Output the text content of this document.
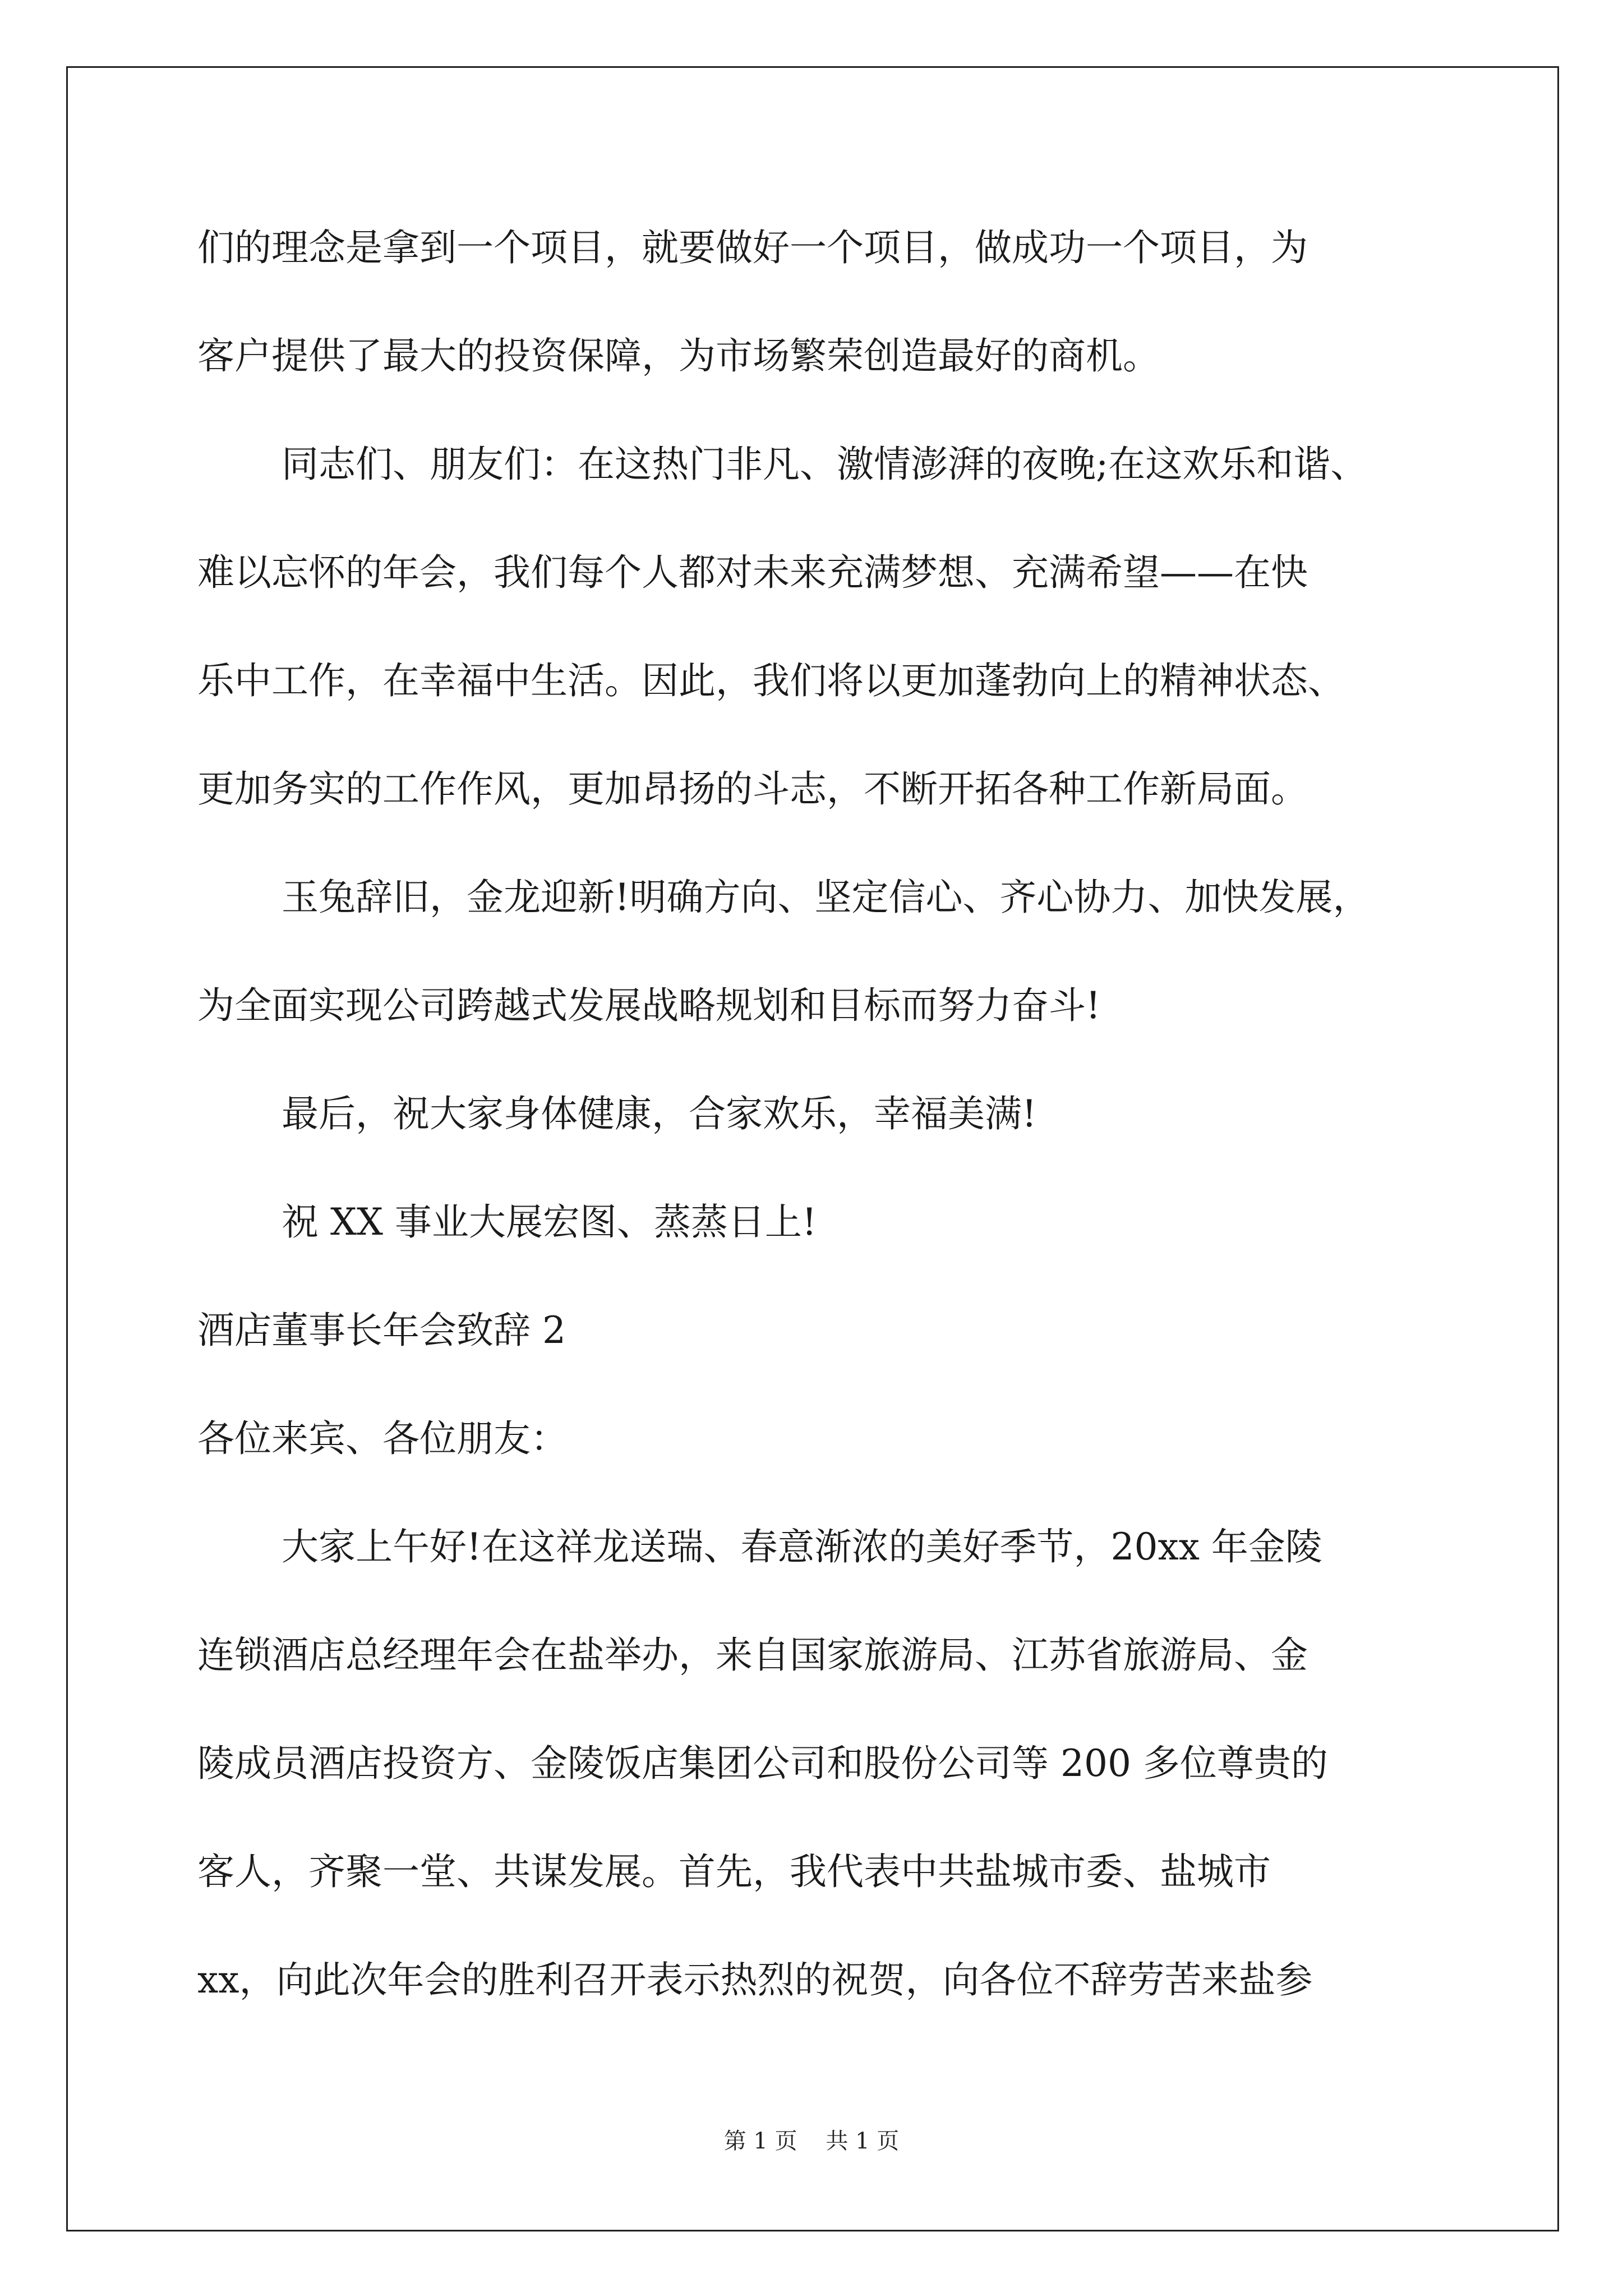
们的理念是拿到一个项目，就要做好一个项目，做成功一个项目，为

客户提供了最大的投资保障，为市场繁荣创造最好的商机。

同志们、朋友们：在这热门非凡、激情澎湃的夜晚;在这欢乐和谐、

难以忘怀的年会，我们每个人都对未来充满梦想、充满希望——在快

乐中工作，在幸福中生活。因此，我们将以更加蓬勃向上的精神状态、

更加务实的工作作风，更加昂扬的斗志，不断开拓各种工作新局面。

玉兔辞旧，金龙迎新!明确方向、坚定信心、齐心协力、加快发展，

为全面实现公司跨越式发展战略规划和目标而努力奋斗!

最后，祝大家身体健康，合家欢乐，幸福美满!

祝 XX 事业大展宏图、蒸蒸日上!

酒店董事长年会致辞 2

各位来宾、各位朋友：

大家上午好!在这祥龙送瑞、春意渐浓的美好季节，20xx 年金陵

连锁酒店总经理年会在盐举办，来自国家旅游局、江苏省旅游局、金

陵成员酒店投资方、金陵饭店集团公司和股份公司等 200 多位尊贵的

客人，齐聚一堂、共谋发展。首先，我代表中共盐城市委、盐城市

xx，向此次年会的胜利召开表示热烈的祝贺，向各位不辞劳苦来盐参

第 1 页    共 1 页
